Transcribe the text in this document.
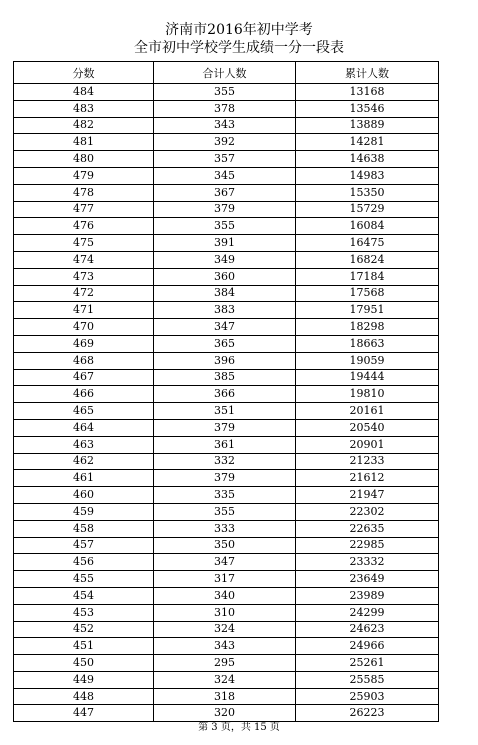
济南市2016年初中学考
全市初中学校学生成绩一分一段表
分数	合计人数	累计人数
484	355	13168
483	378	13546
482	343	13889
481	392	14281
480	357	14638
479	345	14983
478	367	15350
477	379	15729
476	355	16084
475	391	16475
474	349	16824
473	360	17184
472	384	17568
471	383	17951
470	347	18298
469	365	18663
468	396	19059
467	385	19444
466	366	19810
465	351	20161
464	379	20540
463	361	20901
462	332	21233
461	379	21612
460	335	21947
459	355	22302
458	333	22635
457	350	22985
456	347	23332
455	317	23649
454	340	23989
453	310	24299
452	324	24623
451	343	24966
450	295	25261
449	324	25585
448	318	25903
447	320	26223
第 3 页，共 15 页
